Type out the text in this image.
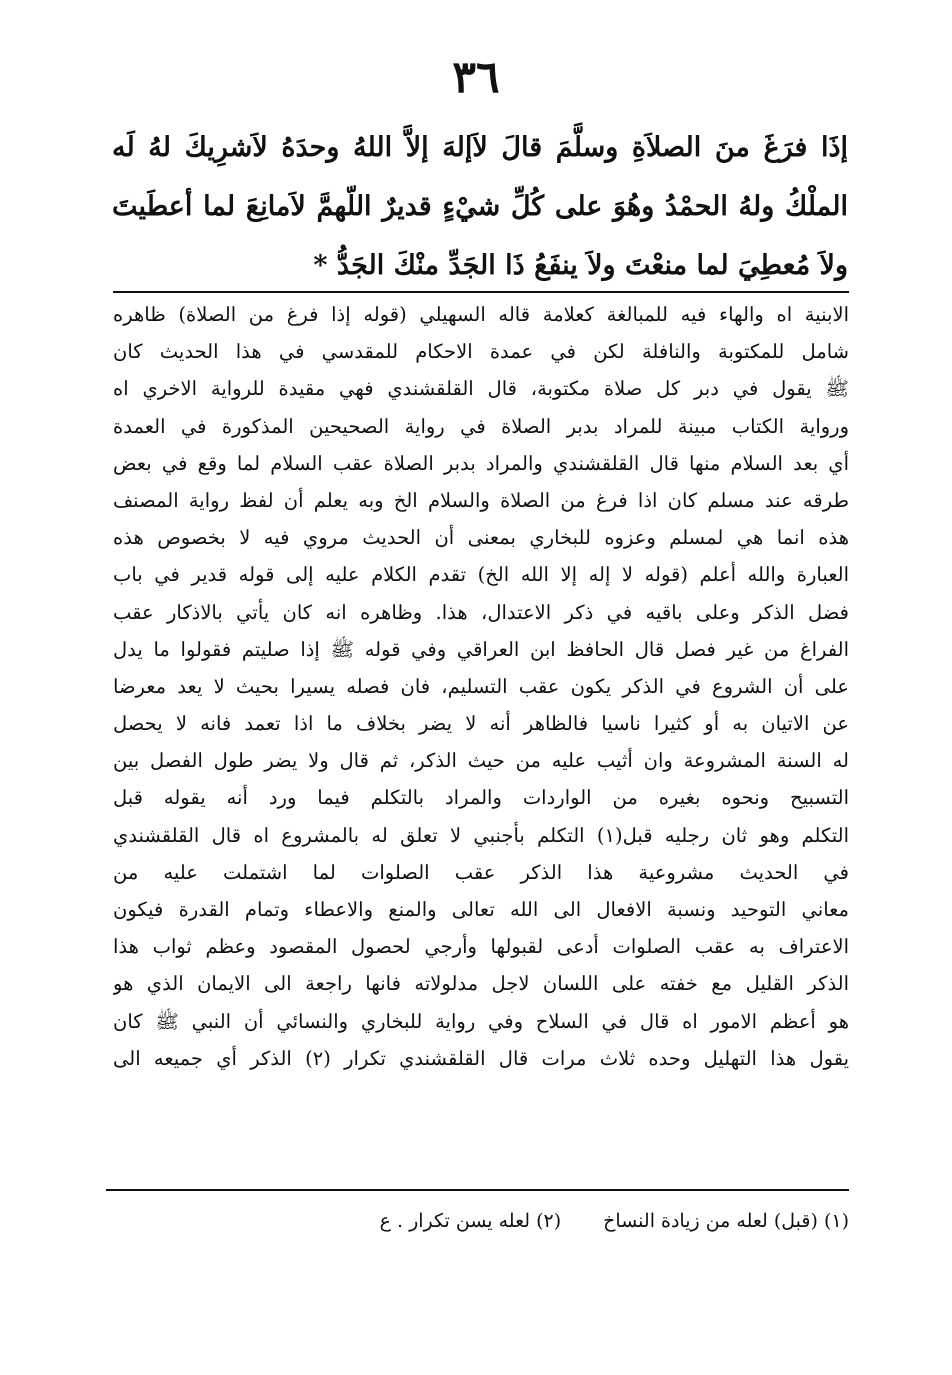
٣٦

إذَا فرَغَ منَ الصلاَةِ وسلَّمَ قالَ لاَإلهَ إلاَّ اللهُ وحدَهُ لاَشرِيكَ لهُ لَه الملْكُ ولهُ الحمْدُ وهُوَ على كُلِّ شيْءٍ قديرٌ اللّهمَّ لاَمانِعَ لما أعطَيتَ ولاَ مُعطِيَ لما منعْتَ ولاَ ينفَعُ ذَا الجَدِّ منْكَ الجَدُّ *

الابنية اه والهاء فيه للمبالغة كعلامة قاله السهيلي (قوله إذا فرغ من الصلاة) ظاهره
شامل للمكتوبة والنافلة لكن في عمدة الاحكام للمقدسي في هذا الحديث كان
ﷺ يقول في دبر كل صلاة مكتوبة، قال القلقشندي فهي مقيدة للرواية الاخري اه
ورواية الكتاب مبينة للمراد بدبر الصلاة في رواية الصحيحين المذكورة في العمدة
أي بعد السلام منها قال القلقشندي والمراد بدبر الصلاة عقب السلام لما وقع في بعض
طرقه عند مسلم كان اذا فرغ من الصلاة والسلام الخ وبه يعلم أن لفظ رواية المصنف
هذه انما هي لمسلم وعزوه للبخاري بمعنى أن الحديث مروي فيه لا بخصوص هذه
العبارة والله أعلم (قوله لا إله إلا الله الخ) تقدم الكلام عليه إلى قوله قدير في باب
فضل الذكر وعلى باقيه في ذكر الاعتدال، هذا. وظاهره انه كان يأتي بالاذكار عقب
الفراغ من غير فصل قال الحافظ ابن العراقي وفي قوله ﷺ إذا صليتم فقولوا ما يدل
على أن الشروع في الذكر يكون عقب التسليم، فان فصله يسيرا بحيث لا يعد معرضا
عن الاتيان به أو كثيرا ناسيا فالظاهر أنه لا يضر بخلاف ما اذا تعمد فانه لا يحصل
له السنة المشروعة وان أثيب عليه من حيث الذكر، ثم قال ولا يضر طول الفصل بين
التسبيح ونحوه بغيره من الواردات والمراد بالتكلم فيما ورد أنه يقوله قبل
التكلم وهو ثان رجليه قبل(١) التكلم بأجنبي لا تعلق له بالمشروع اه قال القلقشندي
في الحديث مشروعية هذا الذكر عقب الصلوات لما اشتملت عليه من
معاني التوحيد ونسبة الافعال الى الله تعالى والمنع والاعطاء وتمام القدرة فيكون
الاعتراف به عقب الصلوات أدعى لقبولها وأرجي لحصول المقصود وعظم ثواب هذا
الذكر القليل مع خفته على اللسان لاجل مدلولاته فانها راجعة الى الايمان الذي هو
هو أعظم الامور اه قال في السلاح وفي رواية للبخاري والنسائي أن النبي ﷺ كان
يقول هذا التهليل وحده ثلاث مرات قال القلقشندي تكرار (٢) الذكر أي جميعه الى
(١) (قبل) لعله من زيادة النساخ (٢) لعله يسن تكرار . ع
